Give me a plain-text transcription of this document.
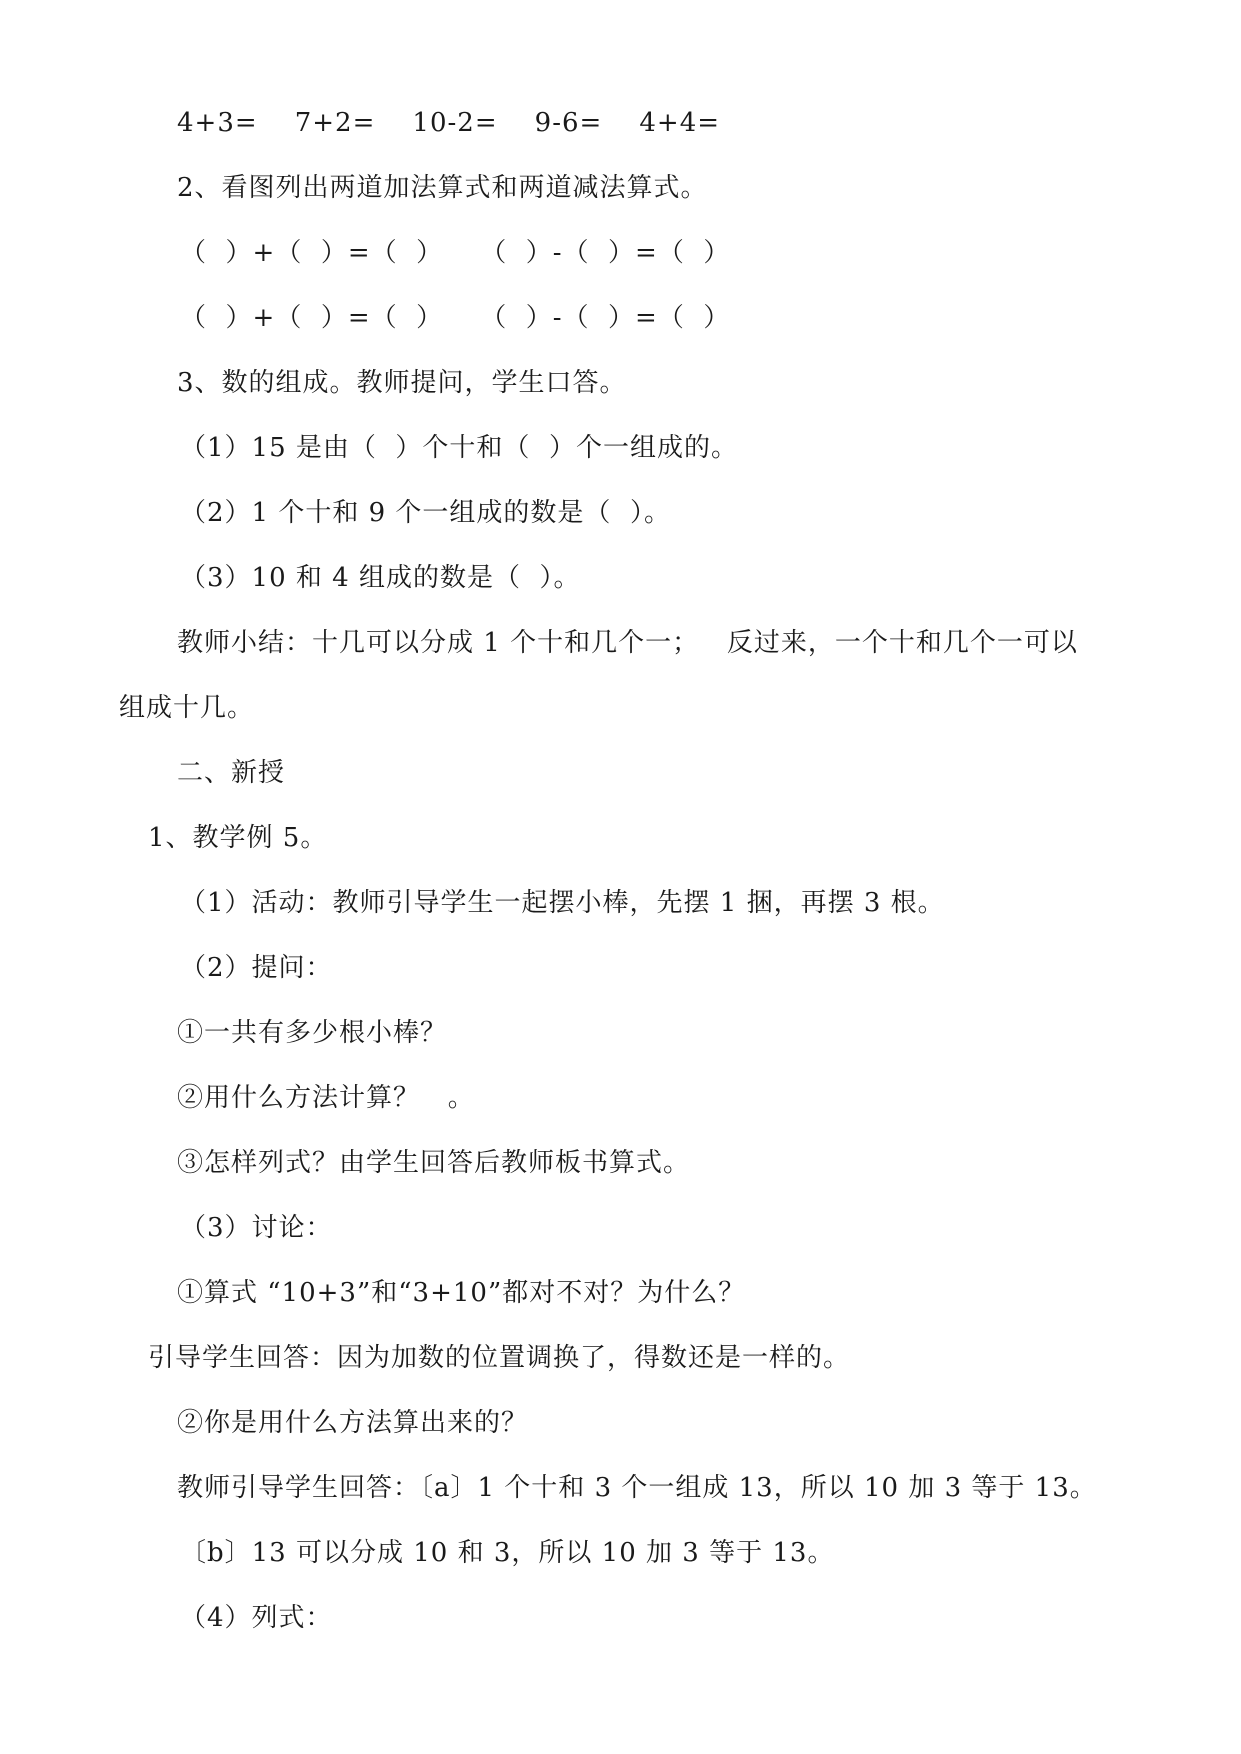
4+3=    7+2=    10-2=    9-6=    4+4=
2、看图列出两道加法算式和两道减法算式。
（  ）+（  ）=（  ）    （  ）-（  ）=（  ）
（  ）+（  ）=（  ）    （  ）-（  ）=（  ）
3、数的组成。教师提问，学生口答。
（1）15 是由（  ）个十和（  ）个一组成的。
（2）1 个十和 9 个一组成的数是（  ）。
（3）10 和 4 组成的数是（  ）。
教师小结：十几可以分成 1 个十和几个一；   反过来，一个十和几个一可以
组成十几。
二、新授
1、教学例 5。
（1）活动：教师引导学生一起摆小棒，先摆 1 捆，再摆 3 根。
（2）提问：
①一共有多少根小棒？
②用什么方法计算？   。
③怎样列式？由学生回答后教师板书算式。
（3）讨论：
①算式 “10+3”和“3+10”都对不对？为什么？
引导学生回答：因为加数的位置调换了，得数还是一样的。
②你是用什么方法算出来的？
教师引导学生回答：〔a〕1 个十和 3 个一组成 13，所以 10 加 3 等于 13。
〔b〕13 可以分成 10 和 3，所以 10 加 3 等于 13。
（4）列式：
